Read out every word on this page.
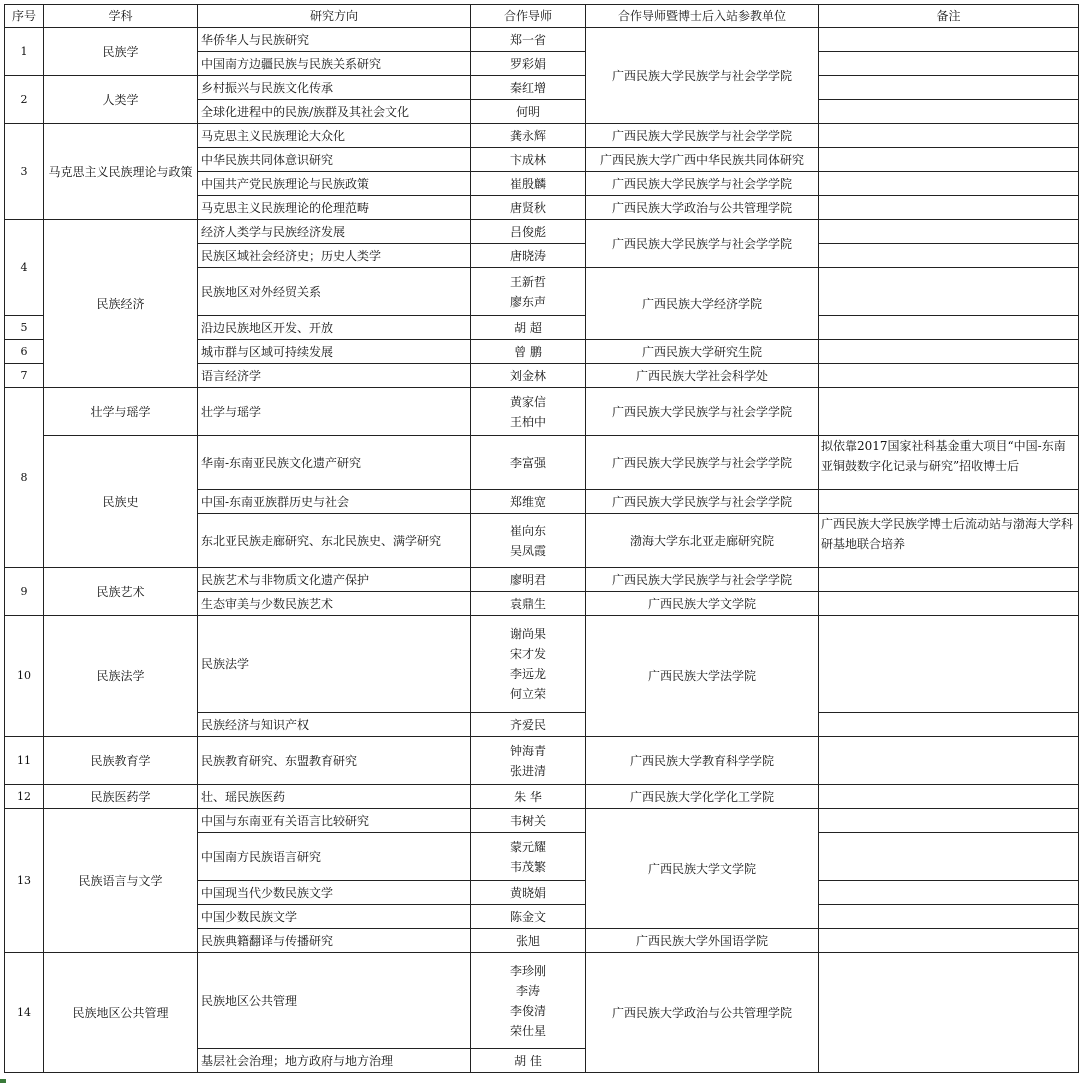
序号	学科	研究方向	合作导师	合作导师暨博士后入站参教单位	备注
1	民族学	华侨华人与民族研究	郑一省	广西民族大学民族学与社会学学院	
		中国南方边疆民族与民族关系研究	罗彩娟		

2	人类学	乡村振兴与民族文化传承	秦红增		

		全球化进程中的民族/族群及其社会文化	何明		

3	马克思主义民族理论与政策	马克思主义民族理论大众化	龚永辉	广西民族大学民族学与社会学学院	
		中华民族共同体意识研究	卞成林	广西民族大学广西中华民族共同体研究	
		中国共产党民族理论与民族政策	崔殷麟	广西民族大学民族学与社会学学院	
		马克思主义民族理论的伦理范畴	唐贤秋	广西民族大学政治与公共管理学院	
4	民族经济	经济人类学与民族经济发展	吕俊彪	广西民族大学民族学与社会学学院	
		民族区域社会经济史；历史人类学	唐晓涛		

		民族地区对外经贸关系	王新哲
廖东声	广西民族大学经济学院	
5		沿边民族地区开发、开放	胡 超		

6		城市群与区域可持续发展	曾 鹏	广西民族大学研究生院	
7		语言经济学	刘金林	广西民族大学社会科学处	
8	壮学与瑶学	壮学与瑶学	黄家信
王柏中	广西民族大学民族学与社会学学院	
	民族史	华南-东南亚民族文化遗产研究	李富强	广西民族大学民族学与社会学学院	拟依靠2017国家社科基金重大项目“中国-东南亚铜鼓数字化记录与研究”招收博士后
		中国-东南亚族群历史与社会	郑维宽	广西民族大学民族学与社会学学院	
		东北亚民族走廊研究、东北民族史、满学研究	崔向东
吴凤霞	渤海大学东北亚走廊研究院	广西民族大学民族学博士后流动站与渤海大学科研基地联合培养
9	民族艺术	民族艺术与非物质文化遗产保护	廖明君	广西民族大学民族学与社会学学院	
		生态审美与少数民族艺术	袁鼎生	广西民族大学文学院	
10	民族法学	民族法学	谢尚果
宋才发
李远龙
何立荣	广西民族大学法学院	
		民族经济与知识产权	齐爱民		

11	民族教育学	民族教育研究、东盟教育研究	钟海青
张进清	广西民族大学教育科学学院	
12	民族医药学	壮、瑶民族医药	朱 华	广西民族大学化学化工学院	
13	民族语言与文学	中国与东南亚有关语言比较研究	韦树关	广西民族大学文学院	
		中国南方民族语言研究	蒙元耀
韦茂繁		

		中国现当代少数民族文学	黄晓娟		

		中国少数民族文学	陈金文		

		民族典籍翻译与传播研究	张旭	广西民族大学外国语学院	
14	民族地区公共管理	民族地区公共管理	李珍刚
李涛
李俊清
荣仕星	广西民族大学政治与公共管理学院	
		基层社会治理；地方政府与地方治理	胡 佳		
